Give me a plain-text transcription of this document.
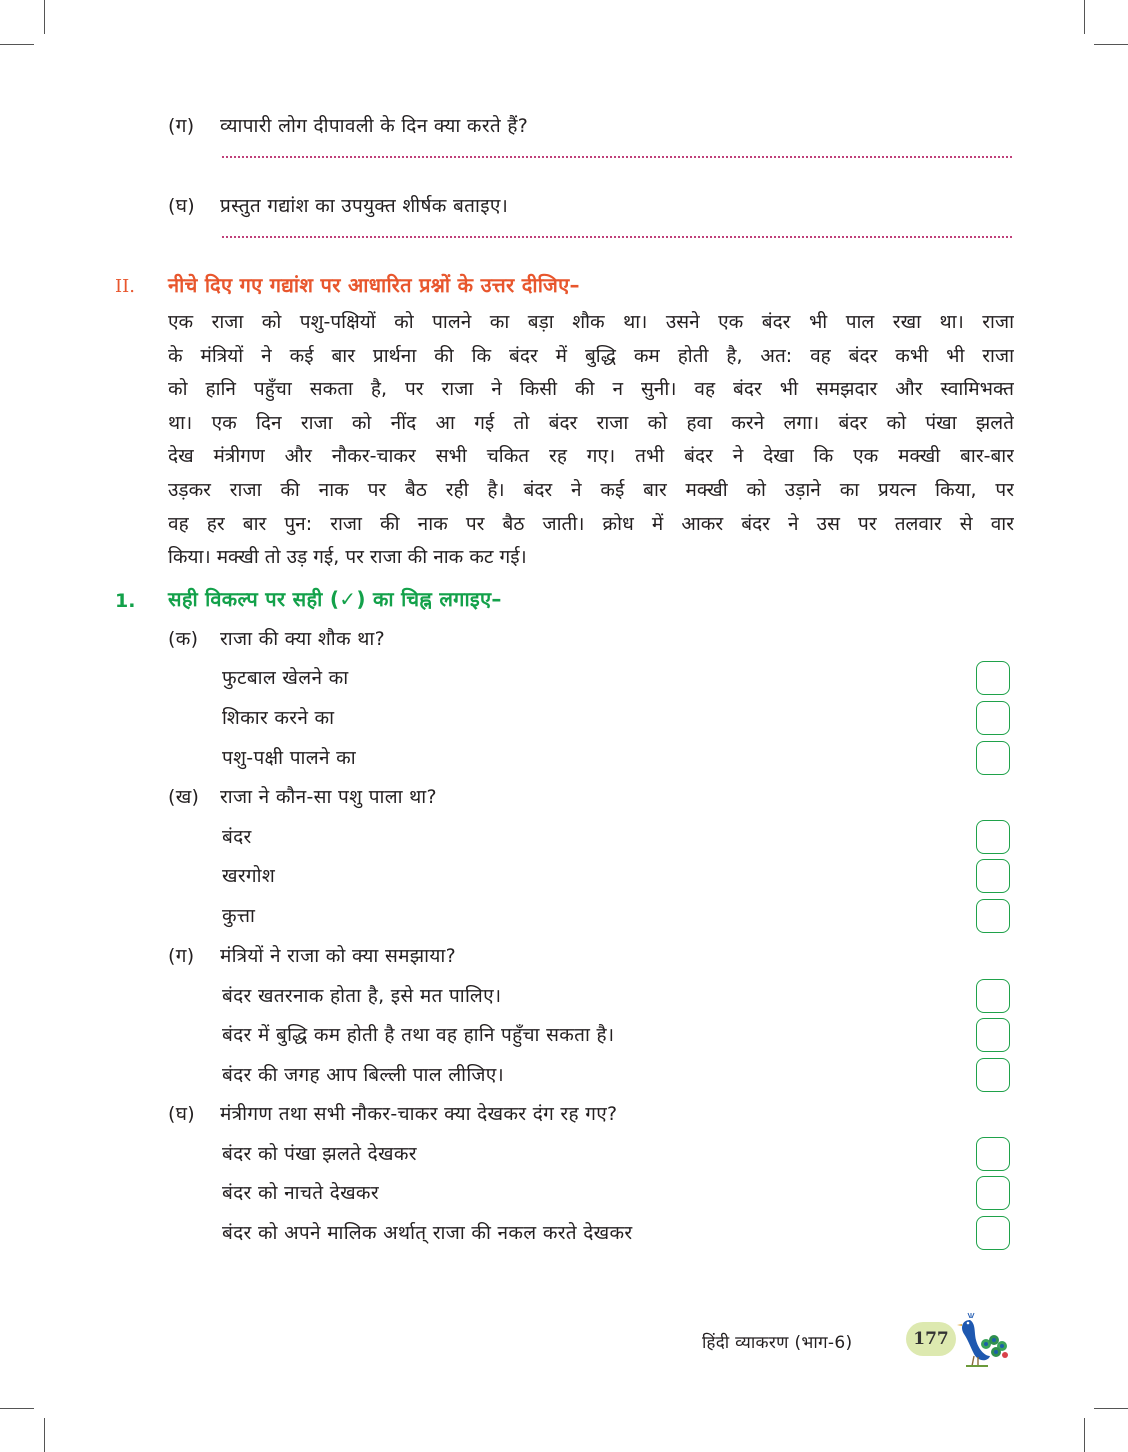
(ग) व्यापारी लोग दीपावली के दिन क्या करते हैं?
(घ) प्रस्तुत गद्यांश का उपयुक्त शीर्षक बताइए।
II. नीचे दिए गए गद्यांश पर आधारित प्रश्नों के उत्तर दीजिए–
एक राजा को पशु-पक्षियों को पालने का बड़ा शौक था। उसने एक बंदर भी पाल रखा था। राजा
के मंत्रियों ने कई बार प्रार्थना की कि बंदर में बुद्धि कम होती है, अत: वह बंदर कभी भी राजा
को हानि पहुँचा सकता है, पर राजा ने किसी की न सुनी। वह बंदर भी समझदार और स्वामिभक्त
था। एक दिन राजा को नींद आ गई तो बंदर राजा को हवा करने लगा। बंदर को पंखा झलते
देख मंत्रीगण और नौकर-चाकर सभी चकित रह गए। तभी बंदर ने देखा कि एक मक्खी बार-बार
उड़कर राजा की नाक पर बैठ रही है। बंदर ने कई बार मक्खी को उड़ाने का प्रयत्न किया, पर
वह हर बार पुन: राजा की नाक पर बैठ जाती। क्रोध में आकर बंदर ने उस पर तलवार से वार
किया। मक्खी तो उड़ गई, पर राजा की नाक कट गई।
1. सही विकल्प पर सही (✓) का चिह्न लगाइए–
(क) राजा की क्या शौक था?
फुटबाल खेलने का
शिकार करने का
पशु-पक्षी पालने का
(ख) राजा ने कौन-सा पशु पाला था?
बंदर
खरगोश
कुत्ता
(ग) मंत्रियों ने राजा को क्या समझाया?
बंदर खतरनाक होता है, इसे मत पालिए।
बंदर में बुद्धि कम होती है तथा वह हानि पहुँचा सकता है।
बंदर की जगह आप बिल्ली पाल लीजिए।
(घ) मंत्रीगण तथा सभी नौकर-चाकर क्या देखकर दंग रह गए?
बंदर को पंखा झलते देखकर
बंदर को नाचते देखकर
बंदर को अपने मालिक अर्थात् राजा की नकल करते देखकर
हिंदी व्याकरण (भाग-6)	177
